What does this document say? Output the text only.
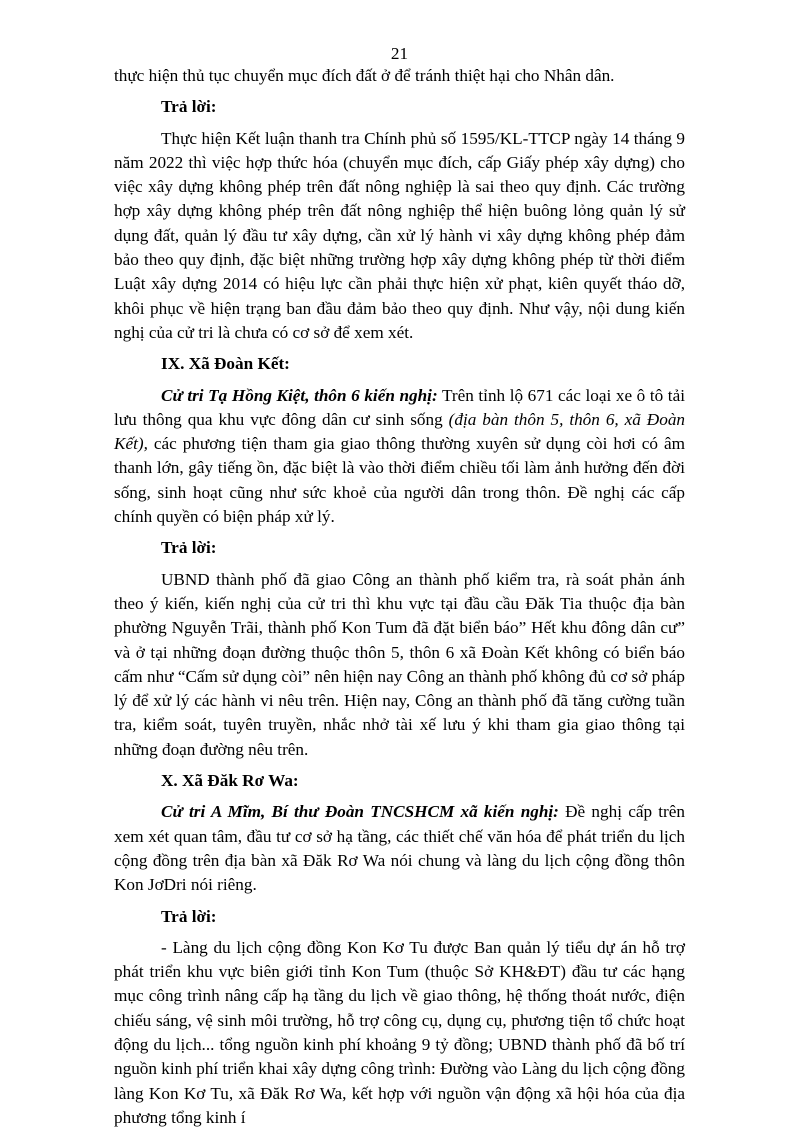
21

thực hiện thủ tục chuyển mục đích đất ở để tránh thiệt hại cho Nhân dân.

Trả lời:

Thực hiện Kết luận thanh tra Chính phủ số 1595/KL-TTCP ngày 14 tháng 9 năm 2022 thì việc hợp thức hóa (chuyển mục đích, cấp Giấy phép xây dựng) cho việc xây dựng không phép trên đất nông nghiệp là sai theo quy định. Các trường hợp xây dựng không phép trên đất nông nghiệp thể hiện buông lỏng quản lý sử dụng đất, quản lý đầu tư xây dựng, cần xử lý hành vi xây dựng không phép đảm bảo theo quy định, đặc biệt những trường hợp xây dựng không phép từ thời điểm Luật xây dựng 2014 có hiệu lực cần phải thực hiện xử phạt, kiên quyết tháo dỡ, khôi phục về hiện trạng ban đầu đảm bảo theo quy định. Như vậy, nội dung kiến nghị của cử tri là chưa có cơ sở để xem xét.

IX. Xã Đoàn Kết:

Cử tri Tạ Hồng Kiệt, thôn 6 kiến nghị: Trên tỉnh lộ 671 các loại xe ô tô tải lưu thông qua khu vực đông dân cư sinh sống (địa bàn thôn 5, thôn 6, xã Đoàn Kết), các phương tiện tham gia giao thông thường xuyên sử dụng còi hơi có âm thanh lớn, gây tiếng ồn, đặc biệt là vào thời điểm chiều tối làm ảnh hưởng đến đời sống, sinh hoạt cũng như sức khoẻ của người dân trong thôn. Đề nghị các cấp chính quyền có biện pháp xử lý.

Trả lời:

UBND thành phố đã giao Công an thành phố kiểm tra, rà soát phản ánh theo ý kiến, kiến nghị của cử tri thì khu vực tại đầu cầu Đăk Tia thuộc địa bàn phường Nguyễn Trãi, thành phố Kon Tum đã đặt biển báo” Hết khu đông dân cư” và ở tại những đoạn đường thuộc thôn 5, thôn 6 xã Đoàn Kết không có biển báo cấm như “Cấm sử dụng còi” nên hiện nay Công an thành phố không đủ cơ sở pháp lý để xử lý các hành vi nêu trên. Hiện nay, Công an thành phố đã tăng cường tuần tra, kiểm soát, tuyên truyền, nhắc nhở tài xế lưu ý khi tham gia giao thông tại những đoạn đường nêu trên.

X. Xã Đăk Rơ Wa:

Cử tri A Mĩm, Bí thư Đoàn TNCSHCM xã kiến nghị: Đề nghị cấp trên xem xét quan tâm, đầu tư cơ sở hạ tầng, các thiết chế văn hóa để phát triển du lịch cộng đồng trên địa bàn xã Đăk Rơ Wa nói chung và làng du lịch cộng đồng thôn Kon JơDri nói riêng.

Trả lời:

- Làng du lịch cộng đồng Kon Kơ Tu được Ban quản lý tiểu dự án hỗ trợ phát triển khu vực biên giới tỉnh Kon Tum (thuộc Sở KH&ĐT) đầu tư các hạng mục công trình nâng cấp hạ tầng du lịch về giao thông, hệ thống thoát nước, điện chiếu sáng, vệ sinh môi trường, hỗ trợ công cụ, dụng cụ, phương tiện tổ chức hoạt động du lịch... tổng nguồn kinh phí khoảng 9 tỷ đồng; UBND thành phố đã bố trí nguồn kinh phí triển khai xây dựng công trình: Đường vào Làng du lịch cộng đồng làng Kon Kơ Tu, xã Đăk Rơ Wa, kết hợp với nguồn vận động xã hội hóa của địa phương tổng kinh í
